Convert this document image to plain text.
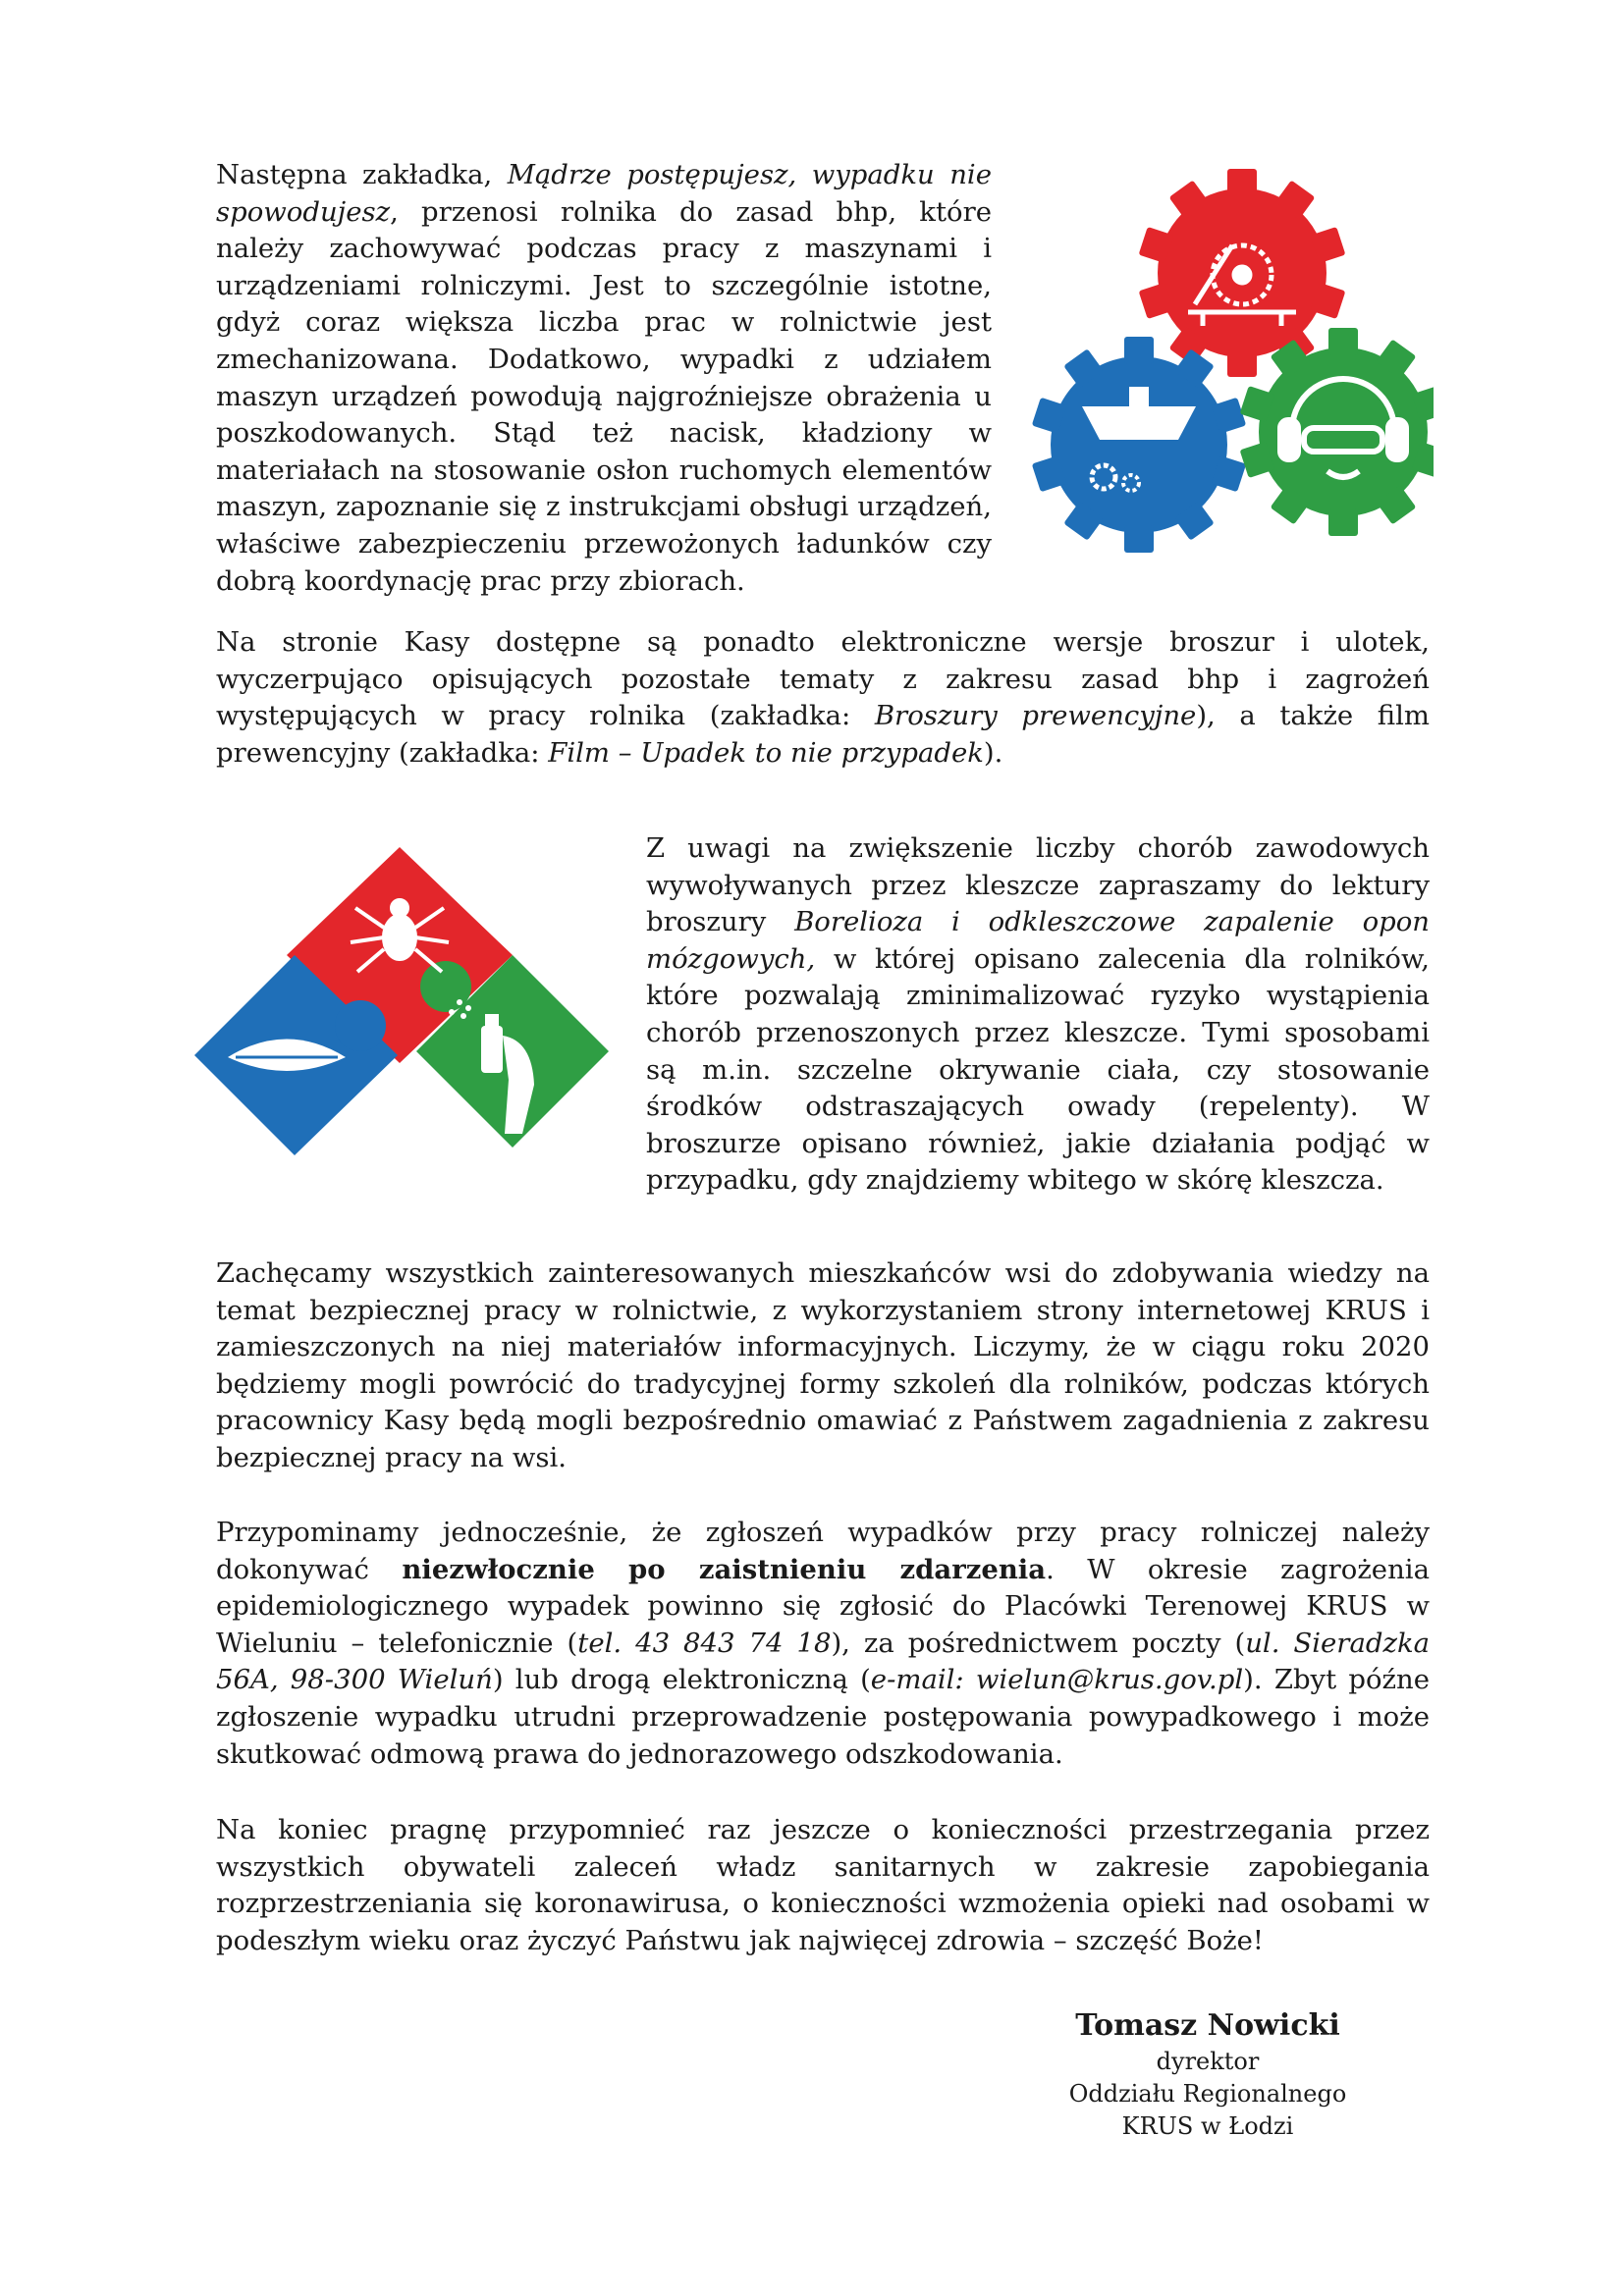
Następna zakładka, Mądrze postępujesz, wypadku nie spowodujesz, przenosi rolnika do zasad bhp, które należy zachowywać podczas pracy z maszynami i urządzeniami rolniczymi. Jest to szczególnie istotne, gdyż coraz większa liczba prac w rolnictwie jest zmechanizowana. Dodatkowo, wypadki z udziałem maszyn urządzeń powodują najgroźniejsze obrażenia u poszkodowanych. Stąd też nacisk, kładziony w materiałach na stosowanie osłon ruchomych elementów maszyn, zapoznanie się z instrukcjami obsługi urządzeń, właściwe zabezpieczeniu przewożonych ładunków czy dobrą koordynację prac przy zbiorach.

Na stronie Kasy dostępne są ponadto elektroniczne wersje broszur i ulotek, wyczerpująco opisujących pozostałe tematy z zakresu zasad bhp i zagrożeń występujących w pracy rolnika (zakładka: Broszury prewencyjne), a także film prewencyjny (zakładka: Film – Upadek to nie przypadek).

Z uwagi na zwiększenie liczby chorób zawodowych wywoływanych przez kleszcze zapraszamy do lektury broszury Borelioza i odkleszczowe zapalenie opon mózgowych, w której opisano zalecenia dla rolników, które pozwalają zminimalizować ryzyko wystąpienia chorób przenoszonych przez kleszcze. Tymi sposobami są m.in. szczelne okrywanie ciała, czy stosowanie środków odstraszających owady (repelenty). W broszurze opisano również, jakie działania podjąć w przypadku, gdy znajdziemy wbitego w skórę kleszcza.

Zachęcamy wszystkich zainteresowanych mieszkańców wsi do zdobywania wiedzy na temat bezpiecznej pracy w rolnictwie, z wykorzystaniem strony internetowej KRUS i zamieszczonych na niej materiałów informacyjnych. Liczymy, że w ciągu roku 2020 będziemy mogli powrócić do tradycyjnej formy szkoleń dla rolników, podczas których pracownicy Kasy będą mogli bezpośrednio omawiać z Państwem zagadnienia z zakresu bezpiecznej pracy na wsi.

Przypominamy jednocześnie, że zgłoszeń wypadków przy pracy rolniczej należy dokonywać niezwłocznie po zaistnieniu zdarzenia. W okresie zagrożenia epidemiologicznego wypadek powinno się zgłosić do Placówki Terenowej KRUS w Wieluniu – telefonicznie (tel. 43 843 74 18), za pośrednictwem poczty (ul. Sieradzka 56A, 98-300 Wieluń) lub drogą elektroniczną (e-mail: wielun@krus.gov.pl). Zbyt późne zgłoszenie wypadku utrudni przeprowadzenie postępowania powypadkowego i może skutkować odmową prawa do jednorazowego odszkodowania.

Na koniec pragnę przypomnieć raz jeszcze o konieczności przestrzegania przez wszystkich obywateli zaleceń władz sanitarnych w zakresie zapobiegania rozprzestrzeniania się koronawirusa, o konieczności wzmożenia opieki nad osobami w podeszłym wieku oraz życzyć Państwu jak najwięcej zdrowia – szczęść Boże!

Tomasz Nowicki
dyrektor
Oddziału Regionalnego
KRUS w Łodzi
